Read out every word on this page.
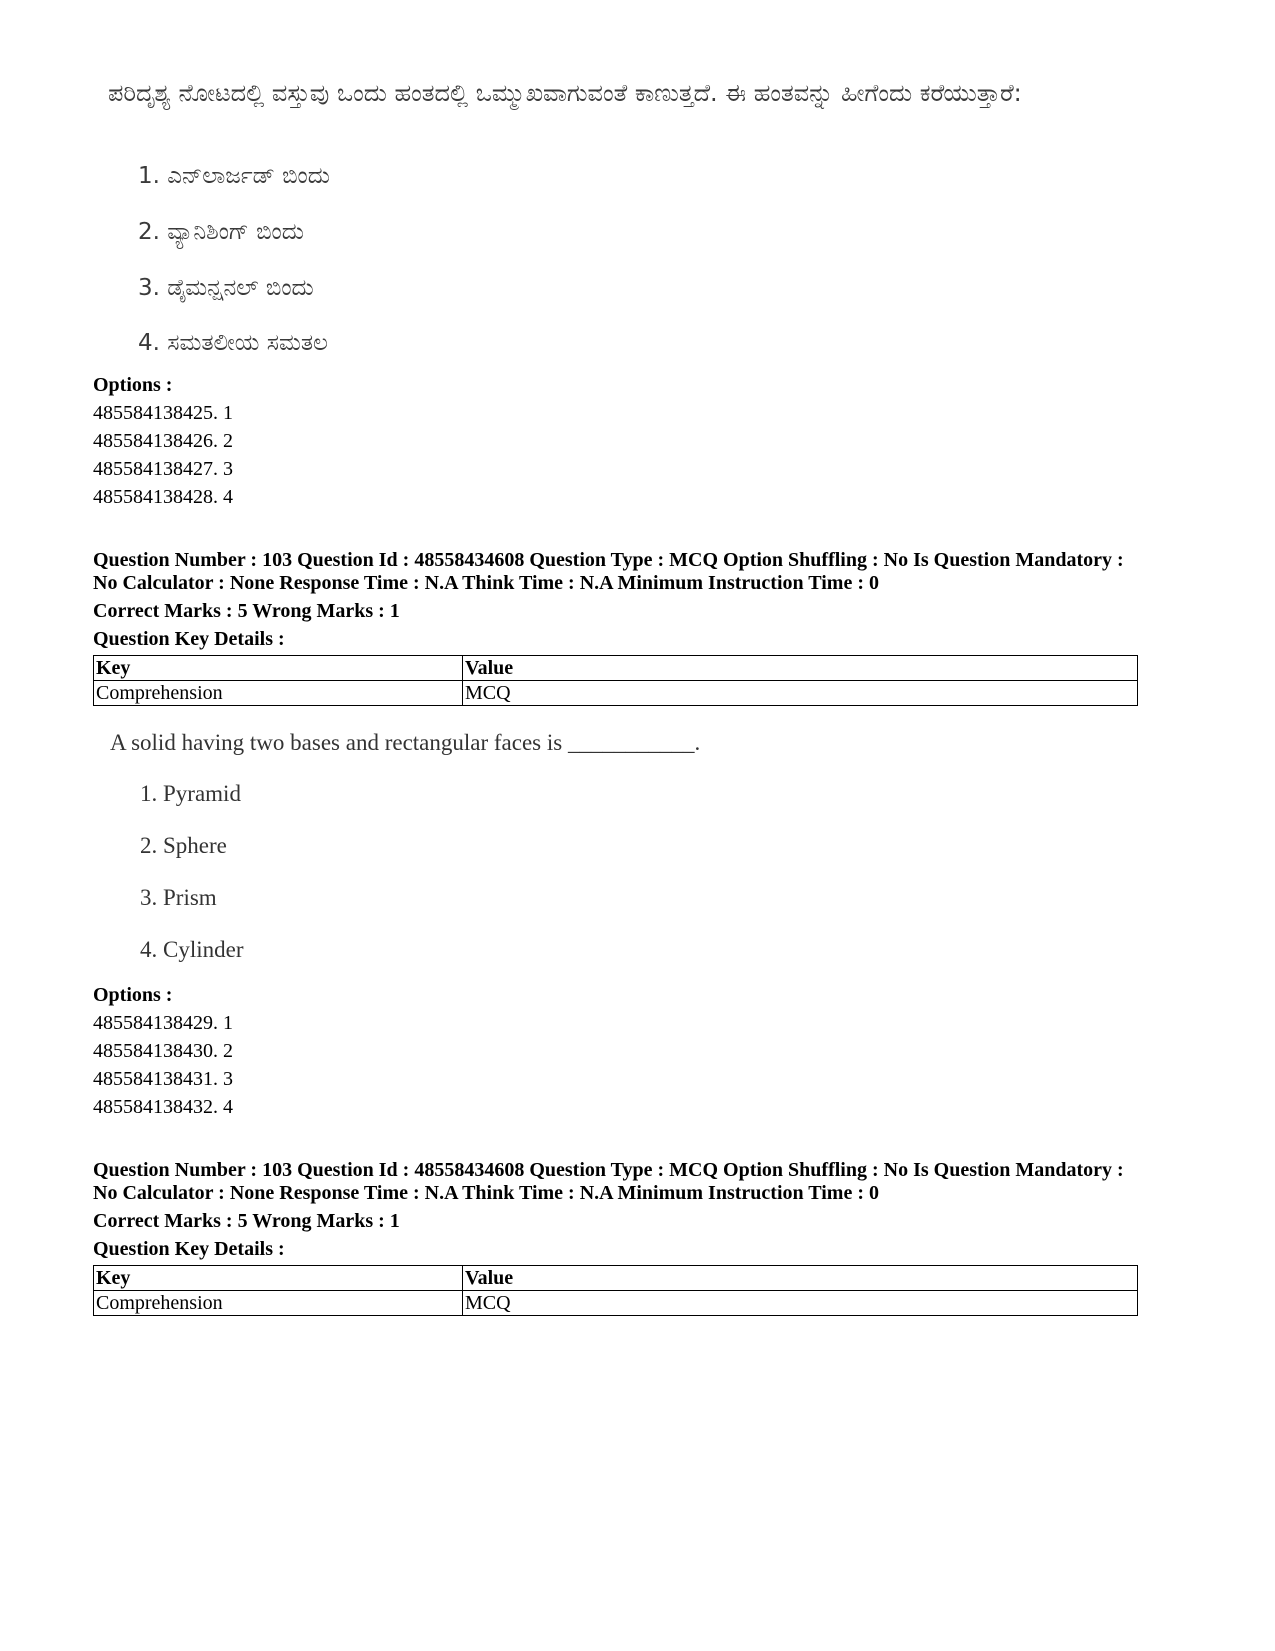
ಪರಿದೃಶ್ಯ ನೋಟದಲ್ಲಿ ವಸ್ತುವು ಒಂದು ಹಂತದಲ್ಲಿ ಒಮ್ಮುಖವಾಗುವಂತೆ ಕಾಣುತ್ತದೆ. ಈ ಹಂತವನ್ನು ಹೀಗೆಂದು ಕರೆಯುತ್ತಾರೆ:
1. ಎನ್‌ಲಾರ್ಜಡ್ ಬಿಂದು
2. ವ್ಯಾನಿಶಿಂಗ್ ಬಿಂದು
3. ಡೈಮನ್ಷನಲ್ ಬಿಂದು
4. ಸಮತಲೀಯ ಸಮತಲ
Options :
485584138425. 1
485584138426. 2
485584138427. 3
485584138428. 4
Question Number : 103 Question Id : 48558434608 Question Type : MCQ Option Shuffling : No Is Question Mandatory :
No Calculator : None Response Time : N.A Think Time : N.A Minimum Instruction Time : 0
Correct Marks : 5 Wrong Marks : 1
Question Key Details :
Key	Value
Comprehension	MCQ
A solid having two bases and rectangular faces is ___________.
1. Pyramid
2. Sphere
3. Prism
4. Cylinder
Options :
485584138429. 1
485584138430. 2
485584138431. 3
485584138432. 4
Question Number : 103 Question Id : 48558434608 Question Type : MCQ Option Shuffling : No Is Question Mandatory :
No Calculator : None Response Time : N.A Think Time : N.A Minimum Instruction Time : 0
Correct Marks : 5 Wrong Marks : 1
Question Key Details :
Key	Value
Comprehension	MCQ
